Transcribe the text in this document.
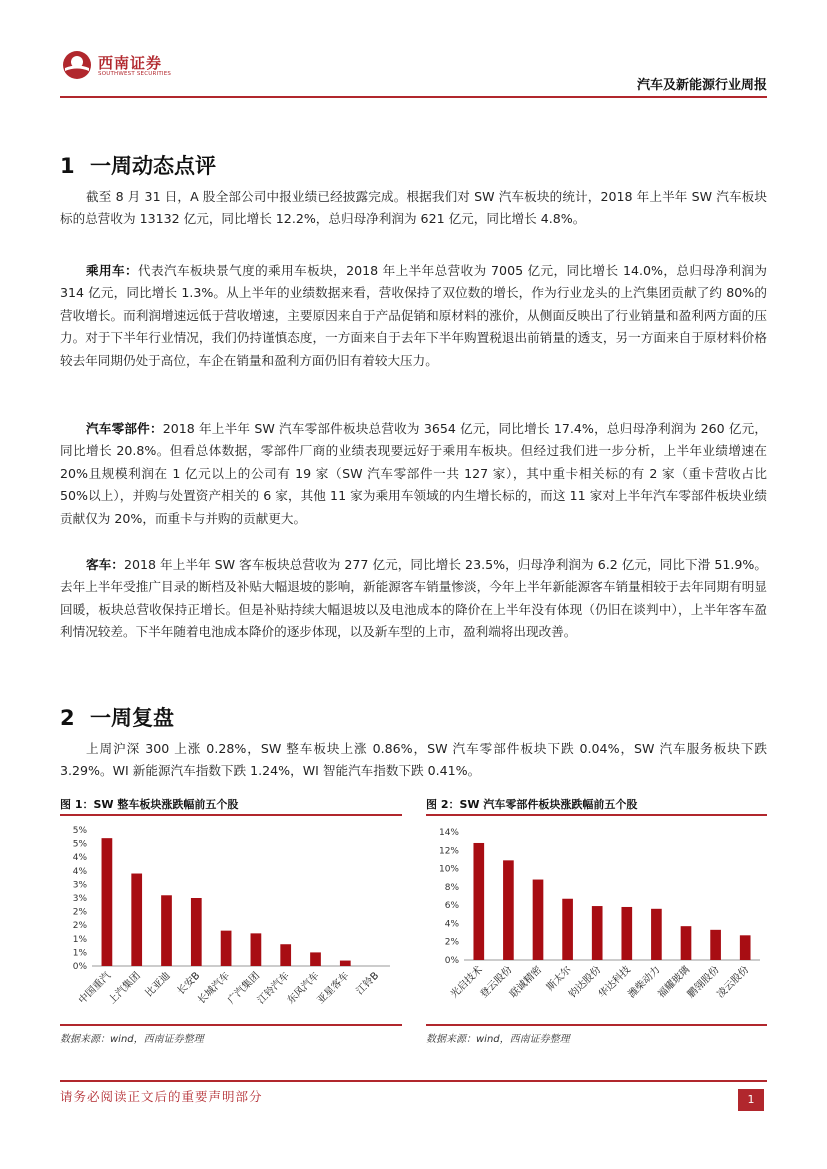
西南证券
SOUTHWEST SECURITIES
汽车及新能源行业周报
1 一周动态点评
截至 8 月 31 日，A 股全部公司中报业绩已经披露完成。根据我们对 SW 汽车板块的统计，2018 年上半年 SW 汽车板块标的总营收为 13132 亿元，同比增长 12.2%，总归母净利润为 621 亿元，同比增长 4.8%。
乘用车：代表汽车板块景气度的乘用车板块，2018 年上半年总营收为 7005 亿元，同比增长 14.0%，总归母净利润为 314 亿元，同比增长 1.3%。从上半年的业绩数据来看，营收保持了双位数的增长，作为行业龙头的上汽集团贡献了约 80%的营收增长。而利润增速远低于营收增速，主要原因来自于产品促销和原材料的涨价，从侧面反映出了行业销量和盈利两方面的压力。对于下半年行业情况，我们仍持谨慎态度，一方面来自于去年下半年购置税退出前销量的透支，另一方面来自于原材料价格较去年同期仍处于高位，车企在销量和盈利方面仍旧有着较大压力。
汽车零部件：2018 年上半年 SW 汽车零部件板块总营收为 3654 亿元，同比增长 17.4%，总归母净利润为 260 亿元，同比增长 20.8%。但看总体数据，零部件厂商的业绩表现要远好于乘用车板块。但经过我们进一步分析，上半年业绩增速在 20%且规模利润在 1 亿元以上的公司有 19 家（SW 汽车零部件一共 127 家），其中重卡相关标的有 2 家（重卡营收占比 50%以上），并购与处置资产相关的 6 家，其他 11 家为乘用车领域的内生增长标的，而这 11 家对上半年汽车零部件板块业绩贡献仅为 20%，而重卡与并购的贡献更大。
客车：2018 年上半年 SW 客车板块总营收为 277 亿元，同比增长 23.5%，归母净利润为 6.2 亿元，同比下滑 51.9%。去年上半年受推广目录的断档及补贴大幅退坡的影响，新能源客车销量惨淡，今年上半年新能源客车销量相较于去年同期有明显回暖，板块总营收保持正增长。但是补贴持续大幅退坡以及电池成本的降价在上半年没有体现（仍旧在谈判中），上半年客车盈利情况较差。下半年随着电池成本降价的逐步体现，以及新车型的上市，盈利端将出现改善。
2 一周复盘
上周沪深 300 上涨 0.28%，SW 整车板块上涨 0.86%，SW 汽车零部件板块下跌 0.04%，SW 汽车服务板块下跌3.29%。WI 新能源汽车指数下跌 1.24%，WI 智能汽车指数下跌 0.41%。
图 1：SW 整车板块涨跌幅前五个股
0%
1%
1%
2%
2%
3%
3%
4%
4%
5%
5%
中国重汽
上汽集团 比亚迪 长安B
长城汽车
广汽集团
江铃汽车
东风汽车
亚星客车 江铃B
数据来源：wind，西南证券整理
图 2：SW 汽车零部件板块涨跌幅前五个股
0%
2%
4%
6%
8%
10%
12%
14%
光启技术
登云股份
联诚精密 斯太尔
钧达股份
华达科技
潍柴动力
福耀玻璃
鹏翎股份
凌云股份
数据来源：wind，西南证券整理
请务必阅读正文后的重要声明部分	1
